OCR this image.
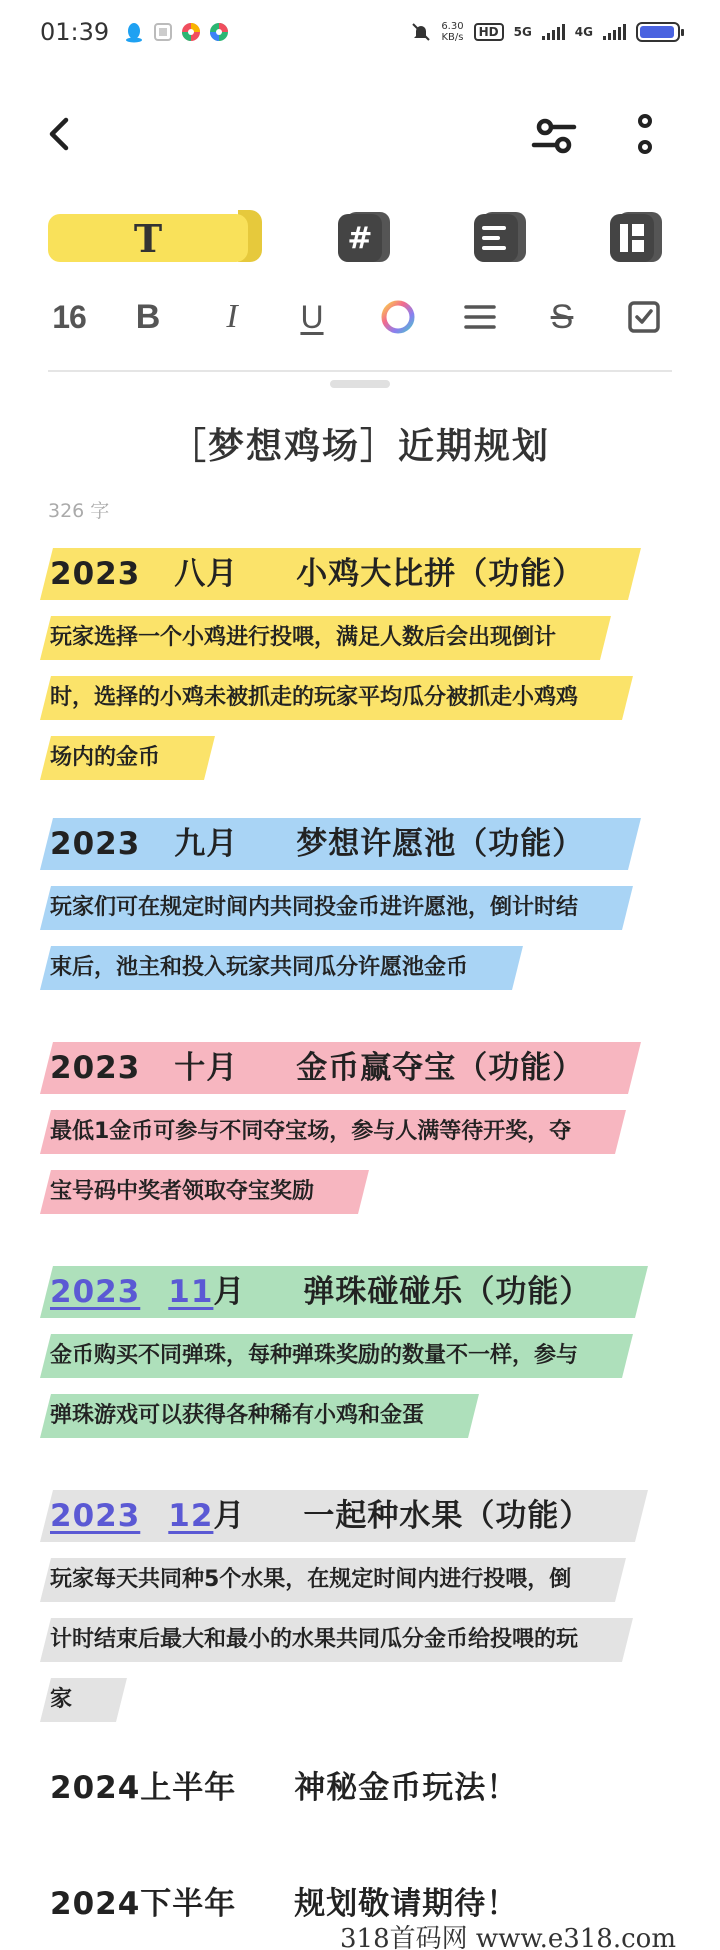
01:39	6.30
KB/s	HD	5G	4G
T	#
16 B	I	U	S
［梦想鸡场］近期规划
326 字
2023 八月 小鸡大比拼（功能）
玩家选择一个小鸡进行投喂，满足人数后会出现倒计
时，选择的小鸡未被抓走的玩家平均瓜分被抓走小鸡鸡
场内的金币
2023 九月 梦想许愿池（功能）
玩家们可在规定时间内共同投金币进许愿池，倒计时结
束后，池主和投入玩家共同瓜分许愿池金币
2023 十月 金币赢夺宝（功能）
最低1金币可参与不同夺宝场，参与人满等待开奖，夺
宝号码中奖者领取夺宝奖励
2023 11月 弹珠碰碰乐（功能）
金币购买不同弹珠，每种弹珠奖励的数量不一样，参与
弹珠游戏可以获得各种稀有小鸡和金蛋
2023 12月 一起种水果（功能）
玩家每天共同种5个水果，在规定时间内进行投喂，倒
计时结束后最大和最小的水果共同瓜分金币给投喂的玩
家
2024上半年 神秘金币玩法！
2024下半年 规划敬请期待！
318首码网 www.e318.com
